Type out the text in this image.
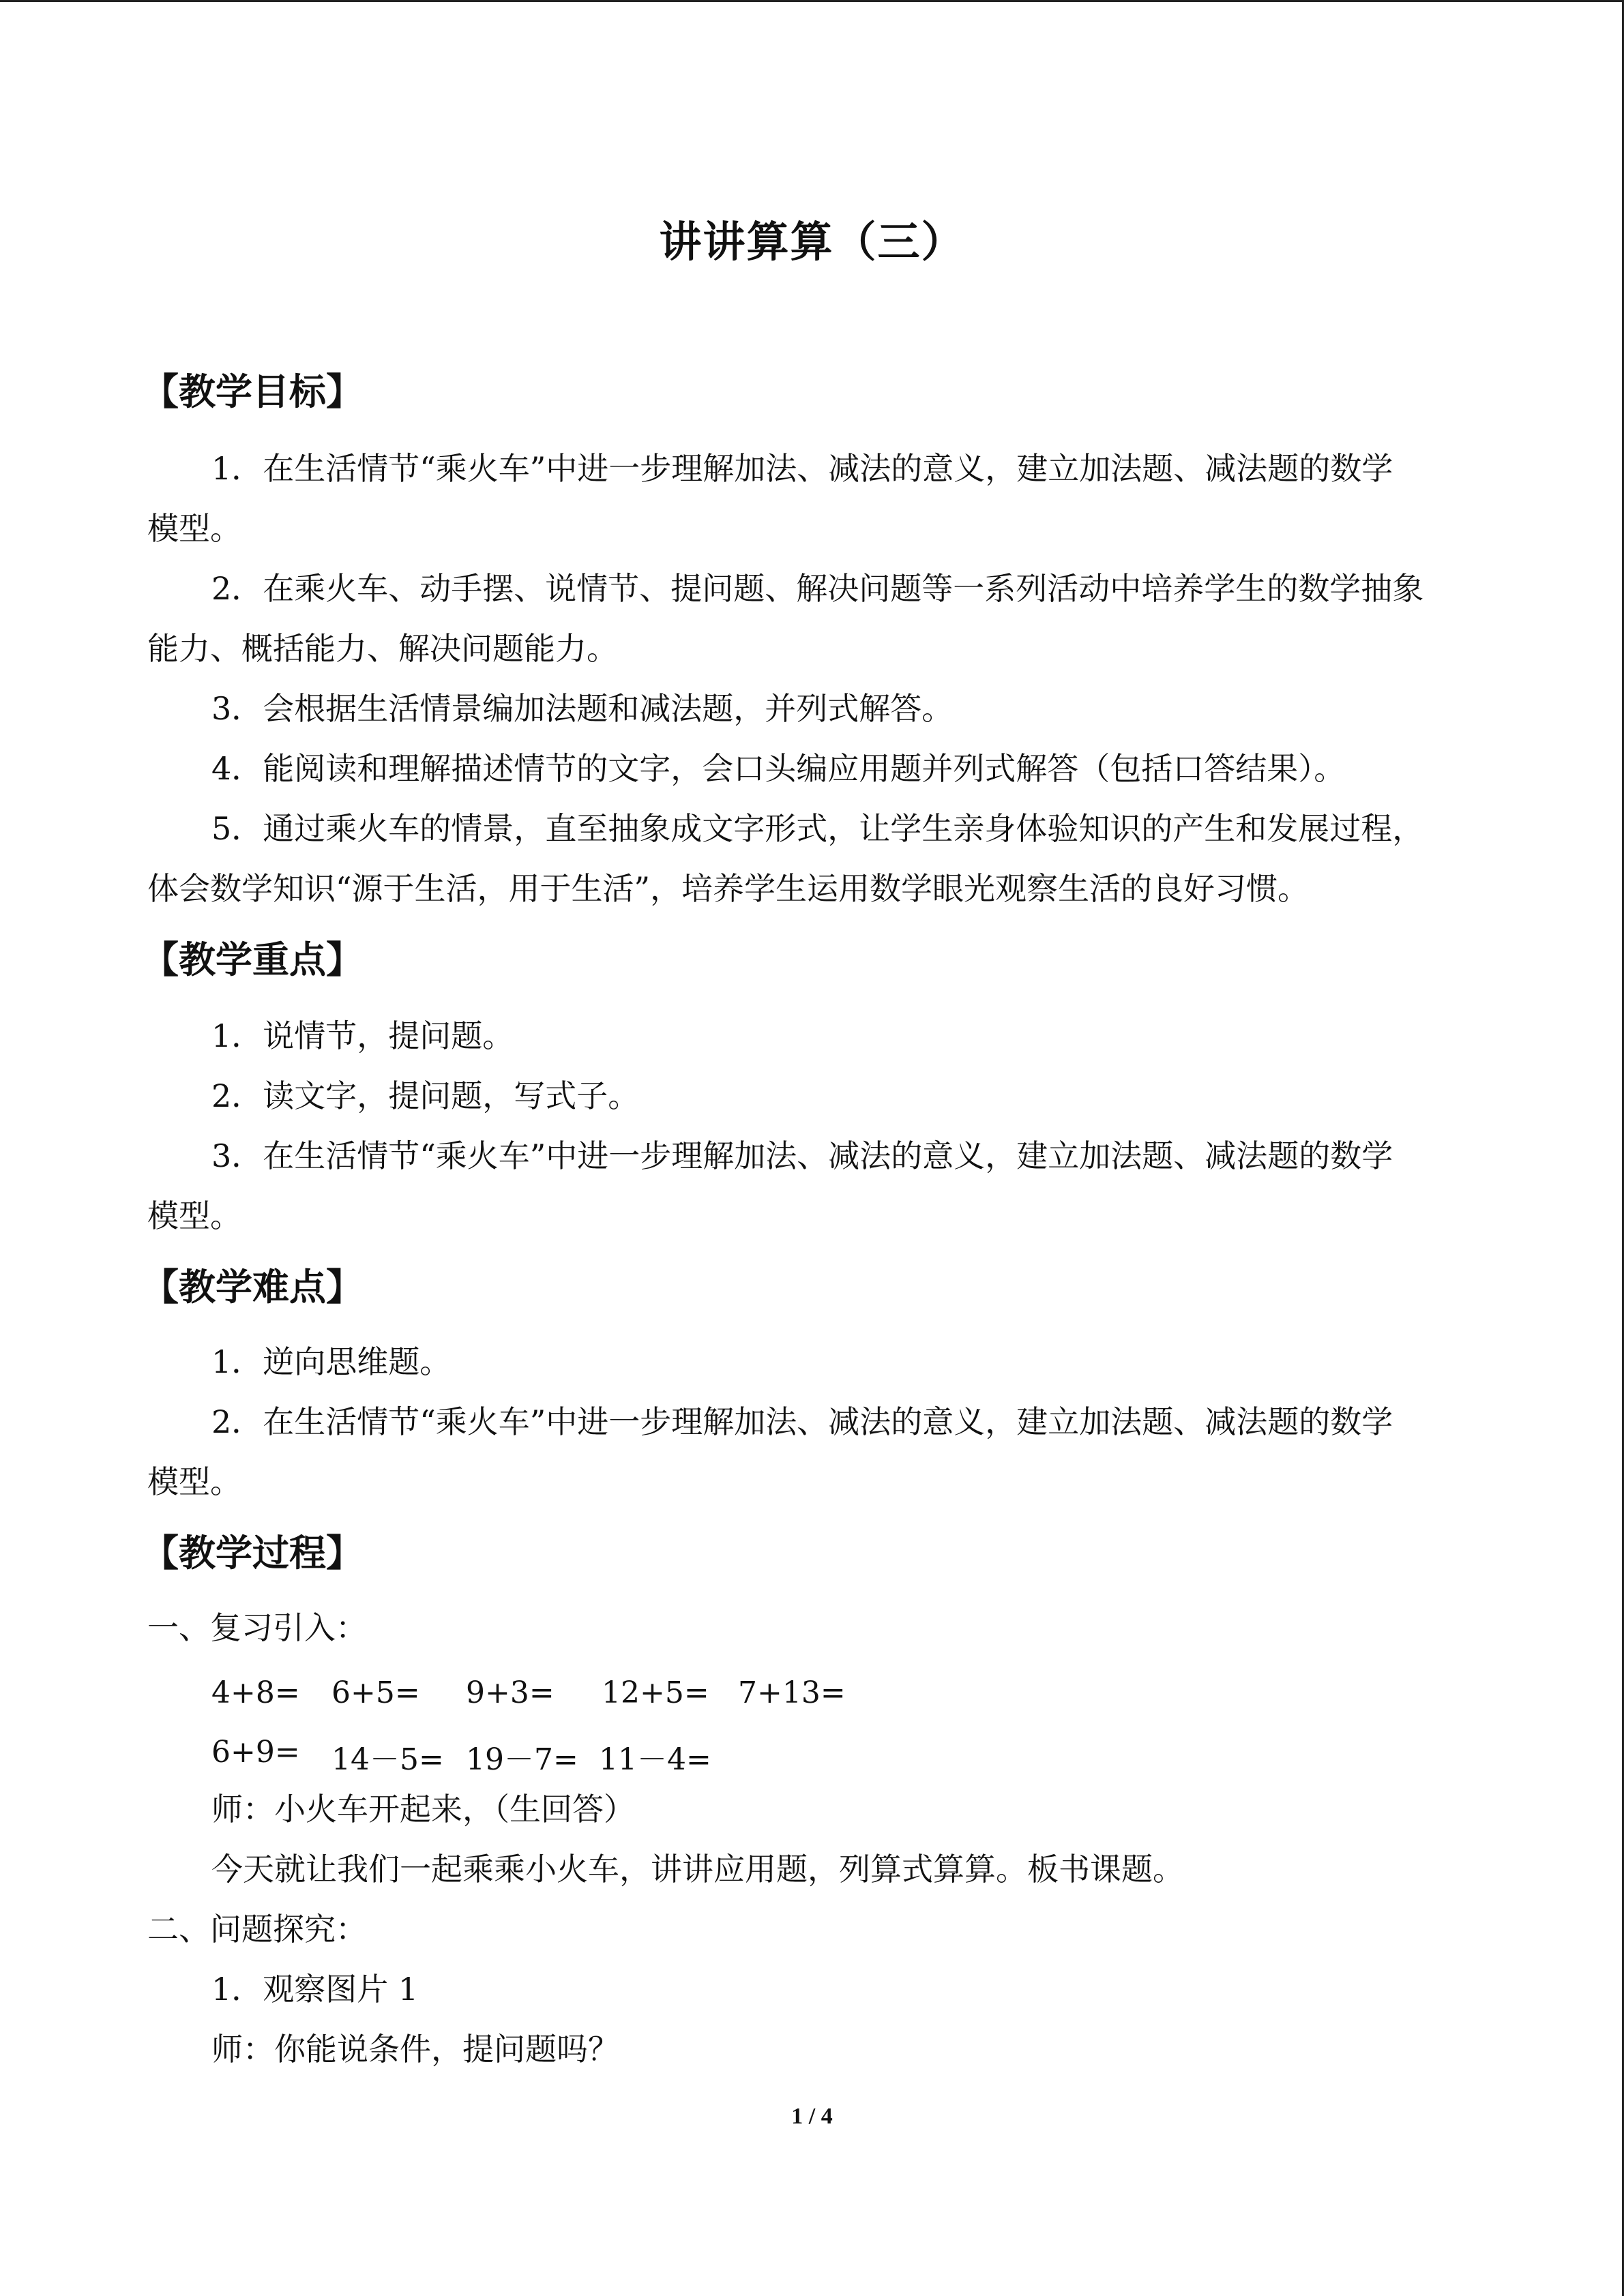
讲讲算算（三）
【教学目标】
1．在生活情节“乘火车”中进一步理解加法、减法的意义，建立加法题、减法题的数学
模型。
2．在乘火车、动手摆、说情节、提问题、解决问题等一系列活动中培养学生的数学抽象
能力、概括能力、解决问题能力。
3．会根据生活情景编加法题和减法题，并列式解答。
4．能阅读和理解描述情节的文字，会口头编应用题并列式解答（包括口答结果）。
5．通过乘火车的情景，直至抽象成文字形式，让学生亲身体验知识的产生和发展过程，
体会数学知识“源于生活，用于生活”，培养学生运用数学眼光观察生活的良好习惯。
【教学重点】
1．说情节，提问题。
2．读文字，提问题，写式子。
3．在生活情节“乘火车”中进一步理解加法、减法的意义，建立加法题、减法题的数学
模型。
【教学难点】
1．逆向思维题。
2．在生活情节“乘火车”中进一步理解加法、减法的意义，建立加法题、减法题的数学
模型。
【教学过程】
一、复习引入：
4+8= 6+5= 9+3= 12+5= 7+13=
6+9= 14－5= 19－7= 11－4=
师：小火车开起来，（生回答）
今天就让我们一起乘乘小火车，讲讲应用题，列算式算算。板书课题。
二、问题探究：
1．观察图片 1
师：你能说条件，提问题吗？
1 / 4
